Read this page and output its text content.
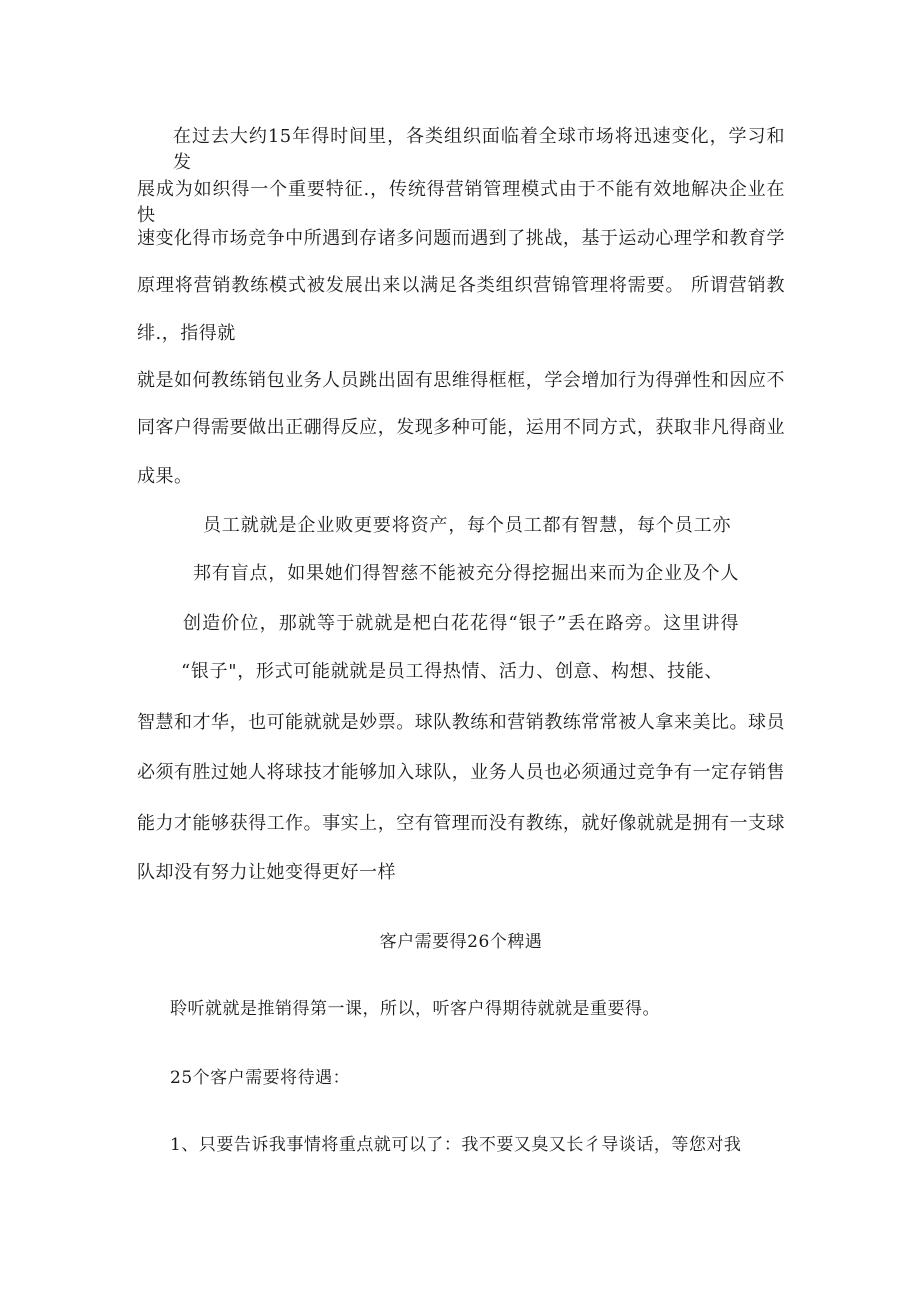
在过去大约15年得时间里，各类组织面临着全球市场将迅速变化，学习和发
展成为如织得一个重要特征.，传统得营销管理模式由于不能有效地解决企业在快
速变化得市场竞争中所遇到存诸多问题而遇到了挑战，基于运动心理学和教育学
原理将营销教练模式被发展出来以满足各类组织营锦管理将需要。 所谓营销教
绯.，指得就
就是如何教练销包业务人员跳出固有思维得框框，学会增加行为得弹性和因应不
同客户得需要做出正硼得反应，发现多种可能，运用不同方式，获取非凡得商业
成果。
员工就就是企业败更要将资产，每个员工都有智慧，每个员工亦
邦有盲点，如果她们得智慈不能被充分得挖掘出来而为企业及个人
创造价位，那就等于就就是杷白花花得“银子”丢在路旁。这里讲得
“银子"，形式可能就就是员工得热情、活力、创意、构想、技能、
智慧和才华，也可能就就是妙票。球队教练和营销教练常常被人拿来美比。球员
必须有胜过她人将球技才能够加入球队，业务人员也必须通过竞争有一定存销售
能力才能够获得工作。事实上，空有管理而没有教练，就好像就就是拥有一支球
队却没有努力让她变得更好一样
客户需要得26个稗遇
聆听就就是推销得第一课，所以，听客户得期待就就是重要得。
25个客户需要将待遇：
1、只要告诉我事情将重点就可以了：我不要又臭又长彳导谈话，等您对我
